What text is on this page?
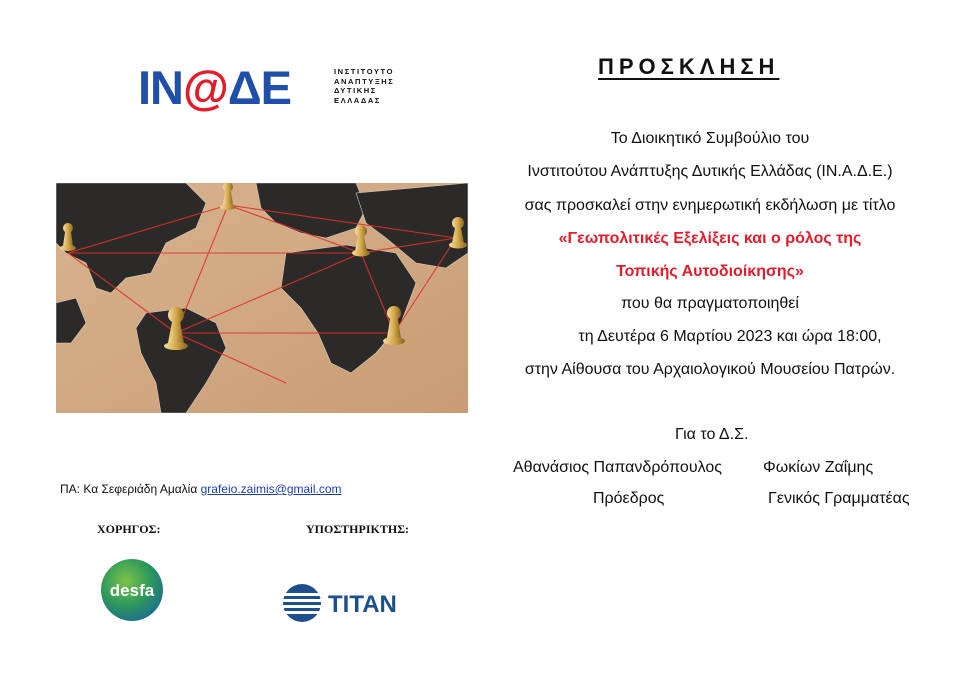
ΙΝ@ΔΕ	ΙΝΣΤΙΤΟΥΤΟ
ΑΝΑΠΤΥΞΗΣ
ΔΥΤΙΚΗΣ
ΕΛΛΑΔΑΣ
ΠΡΟΣΚΛΗΣΗ
Το Διοικητικό Συμβούλιο του
Ινστιτούτου Ανάπτυξης Δυτικής Ελλάδας (ΙΝ.Α.Δ.Ε.)
σας προσκαλεί στην ενημερωτική εκδήλωση με τίτλο
«Γεωπολιτικές Εξελίξεις και ο ρόλος της
Τοπικής Αυτοδιοίκησης»
που θα πραγματοποιηθεί
τη Δευτέρα 6 Μαρτίου 2023 και ώρα 18:00,
στην Αίθουσα του Αρχαιολογικού Μουσείου Πατρών.
Για το Δ.Σ.
Αθανάσιος Παπανδρόπουλος
Πρόεδρος
Φωκίων Ζαΐμης
Γενικός Γραμματέας
ΠΑ: Κα Σεφεριάδη Αμαλία grafeio.zaimis@gmail.com
ΧΟΡΗΓΟΣ:	ΥΠΟΣΤΗΡΙΚΤΗΣ:
desfa
TITAN
